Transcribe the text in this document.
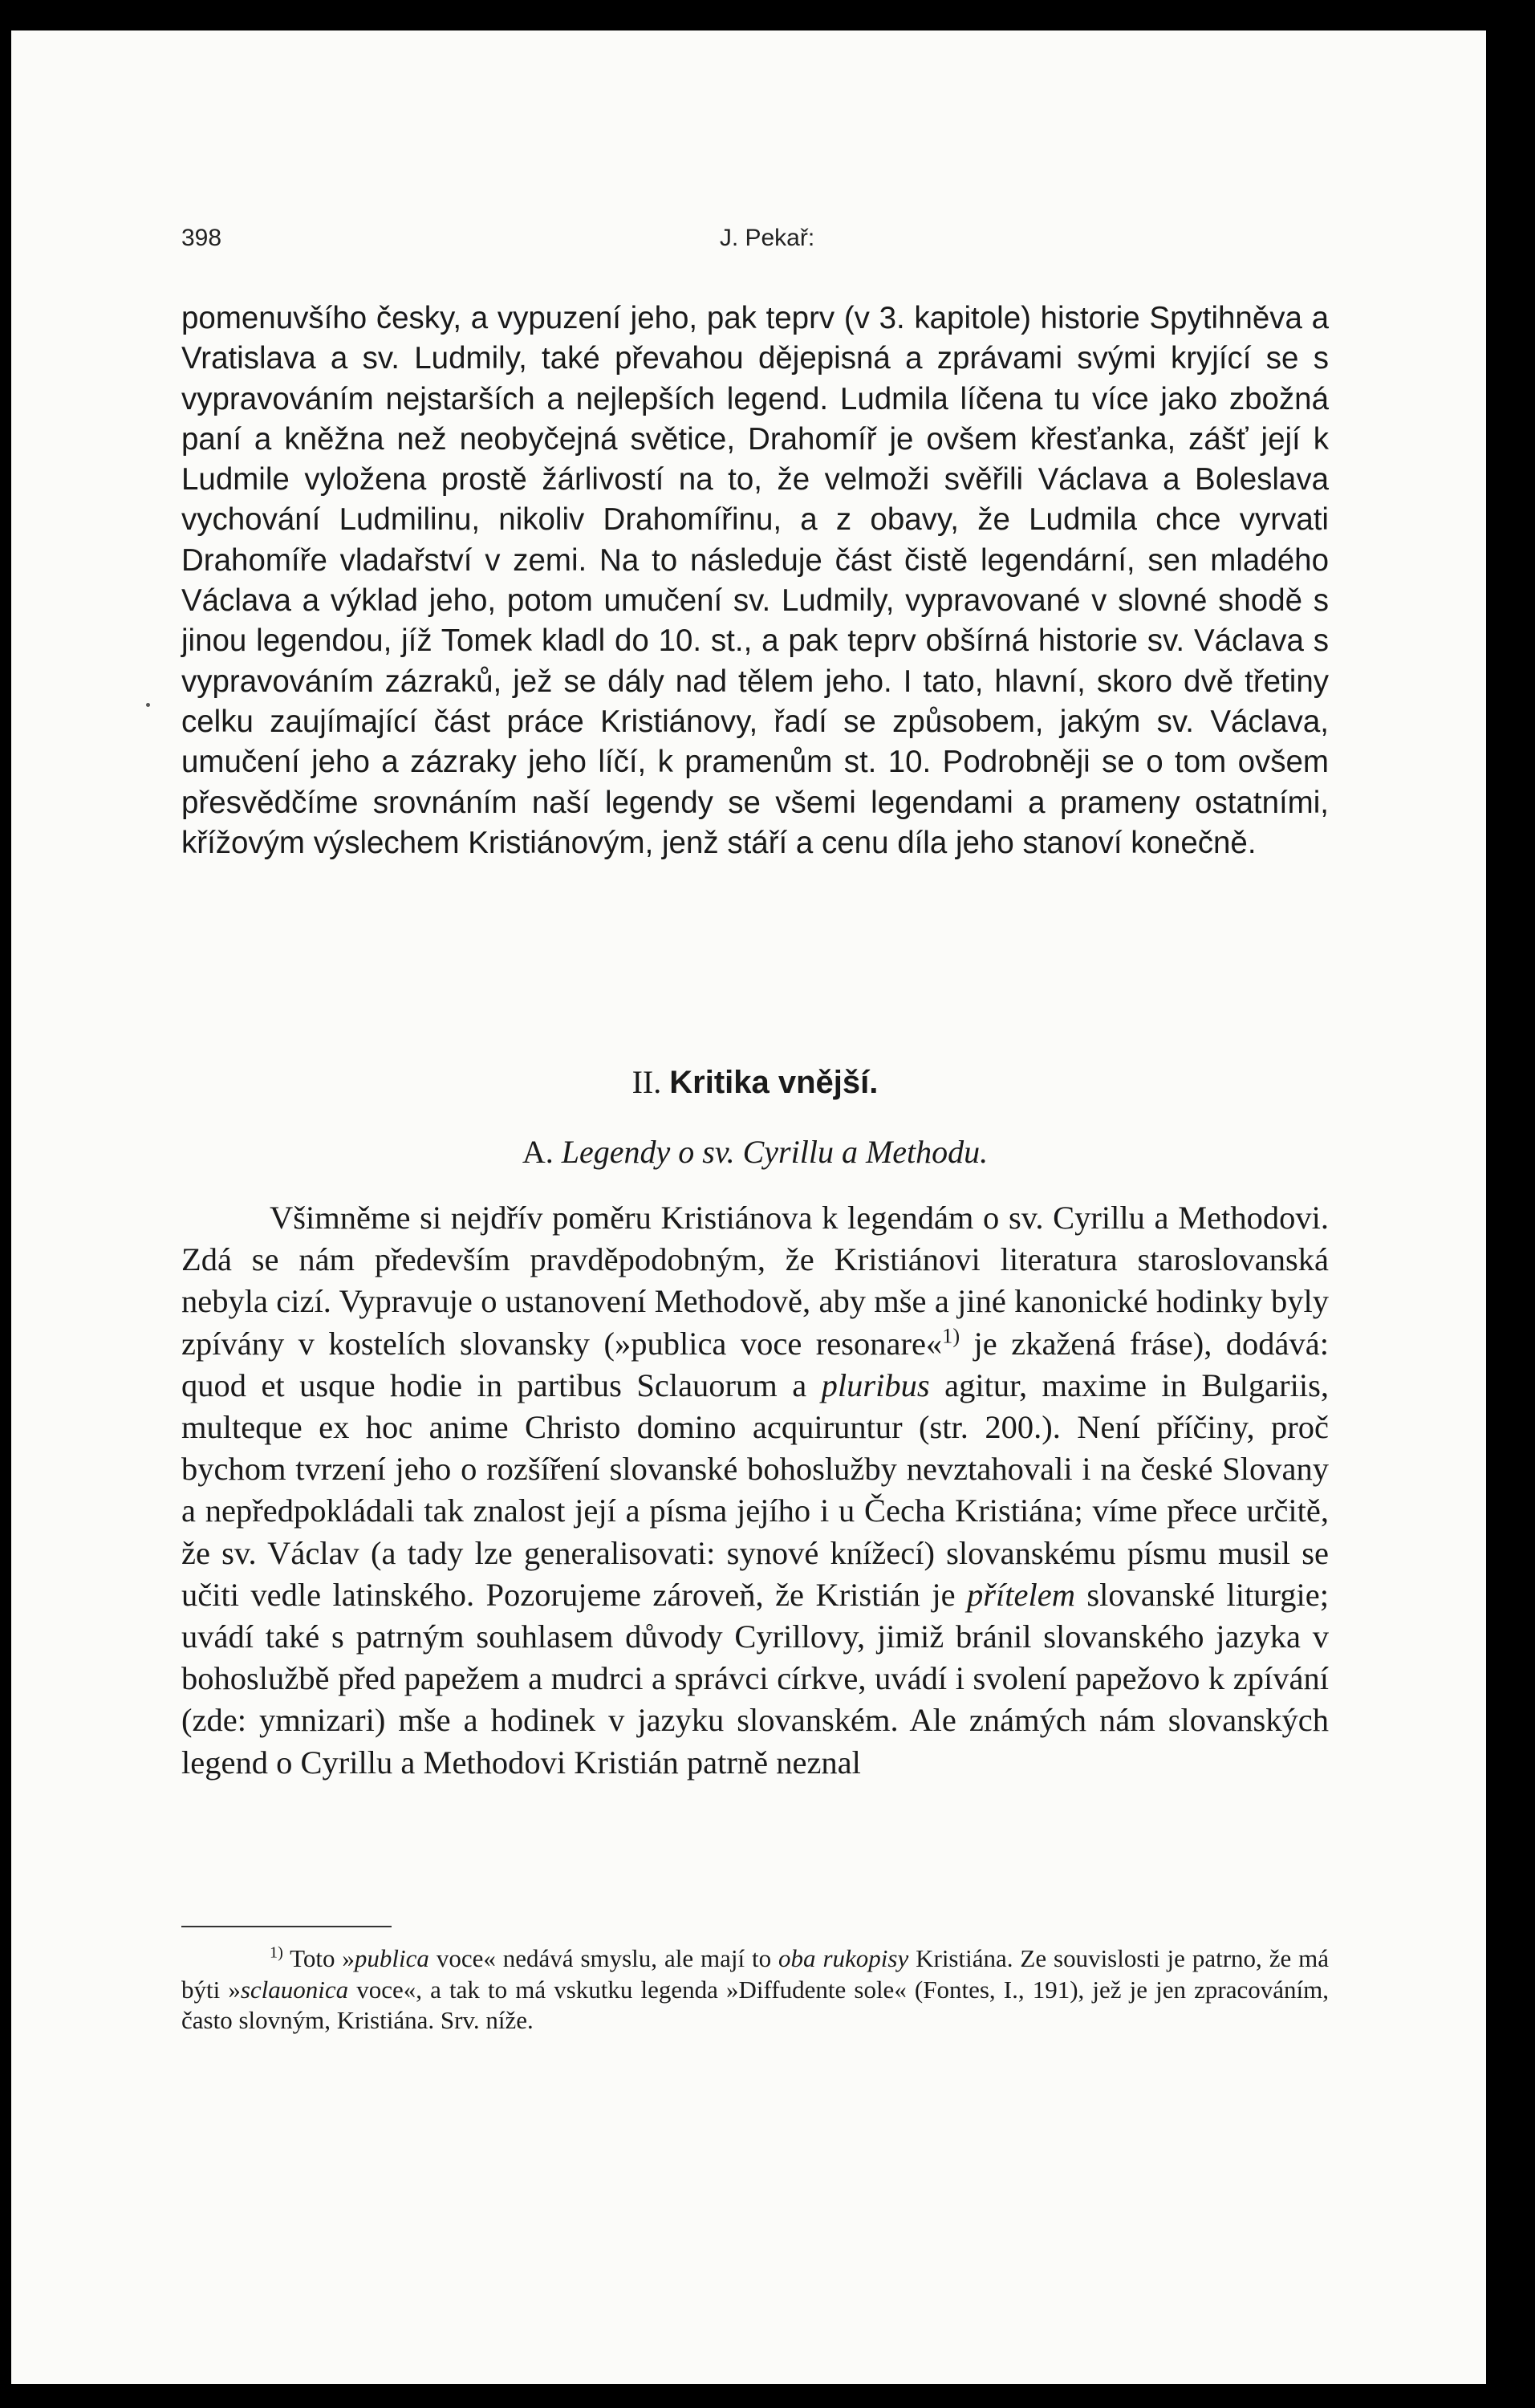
398	J. Pekař:

pomenuvšího česky, a vypuzení jeho, pak teprv (v 3. kapitole) historie Spytihněva a Vratislava a sv. Ludmily, také převahou dějepisná a zprávami svými kryjící se s vypravováním nejstarších a nejlepších legend. Ludmila líčena tu více jako zbožná paní a kněžna než neobyčejná světice, Drahomíř je ovšem křesťanka, zášť její k Ludmile vyložena prostě žárlivostí na to, že velmoži svěřili Václava a Boleslava vychování Ludmilinu, nikoliv Drahomířinu, a z obavy, že Ludmila chce vyrvati Drahomíře vladařství v zemi. Na to následuje část čistě legendární, sen mladého Václava a výklad jeho, potom umučení sv. Ludmily, vypravované v slovné shodě s jinou legendou, jíž Tomek kladl do 10. st., a pak teprv obšírná historie sv. Václava s vypravováním zázraků, jež se dály nad tělem jeho. I tato, hlavní, skoro dvě třetiny celku zaujímající část práce Kristiánovy, řadí se způsobem, jakým sv. Václava, umučení jeho a zázraky jeho líčí, k pramenům st. 10. Podrobněji se o tom ovšem přesvědčíme srovnáním naší legendy se všemi legendami a prameny ostatními, křížovým výslechem Kristiánovým, jenž stáří a cenu díla jeho stanoví konečně.

II. Kritika vnější.
A. Legendy o sv. Cyrillu a Methodu.

Všimněme si nejdřív poměru Kristiánova k legendám o sv. Cyrillu a Methodovi. Zdá se nám především pravděpodobným, že Kristiánovi literatura staroslovanská nebyla cizí. Vypravuje o ustanovení Methodově, aby mše a jiné kanonické hodinky byly zpívány v kostelích slovansky (»publica voce resonare«$^{1)}$ je zkažená fráse), dodává: quod et usque hodie in partibus Sclauorum a pluribus agitur, maxime in Bulgariis, multeque ex hoc anime Christo domino acquiruntur (str. 200.). Není příčiny, proč bychom tvrzení jeho o rozšíření slovanské bohoslužby nevztahovali i na české Slovany a nepředpokládali tak znalost její a písma jejího i u Čecha Kristiána; víme přece určitě, že sv. Václav (a tady lze generalisovati: synové knížecí) slovanskému písmu musil se učiti vedle latinského. Pozorujeme zároveň, že Kristián je přítelem slovanské liturgie; uvádí také s patrným souhlasem důvody Cyrillovy, jimiž bránil slovanského jazyka v bohoslužbě před papežem a mudrci a správci církve, uvádí i svolení papežovo k zpívání (zde: ymnizari) mše a hodinek v jazyku slovanském. Ale známých nám slovanských legend o Cyrillu a Methodovi Kristián patrně neznal

$^{1)}$ Toto »publica voce« nedává smyslu, ale mají to oba rukopisy Kristiána. Ze souvislosti je patrno, že má býti »sclauonica voce«, a tak to má vskutku legenda »Diffudente sole« (Fontes, I., 191), jež je jen zpracováním, často slovným, Kristiána. Srv. níže.
